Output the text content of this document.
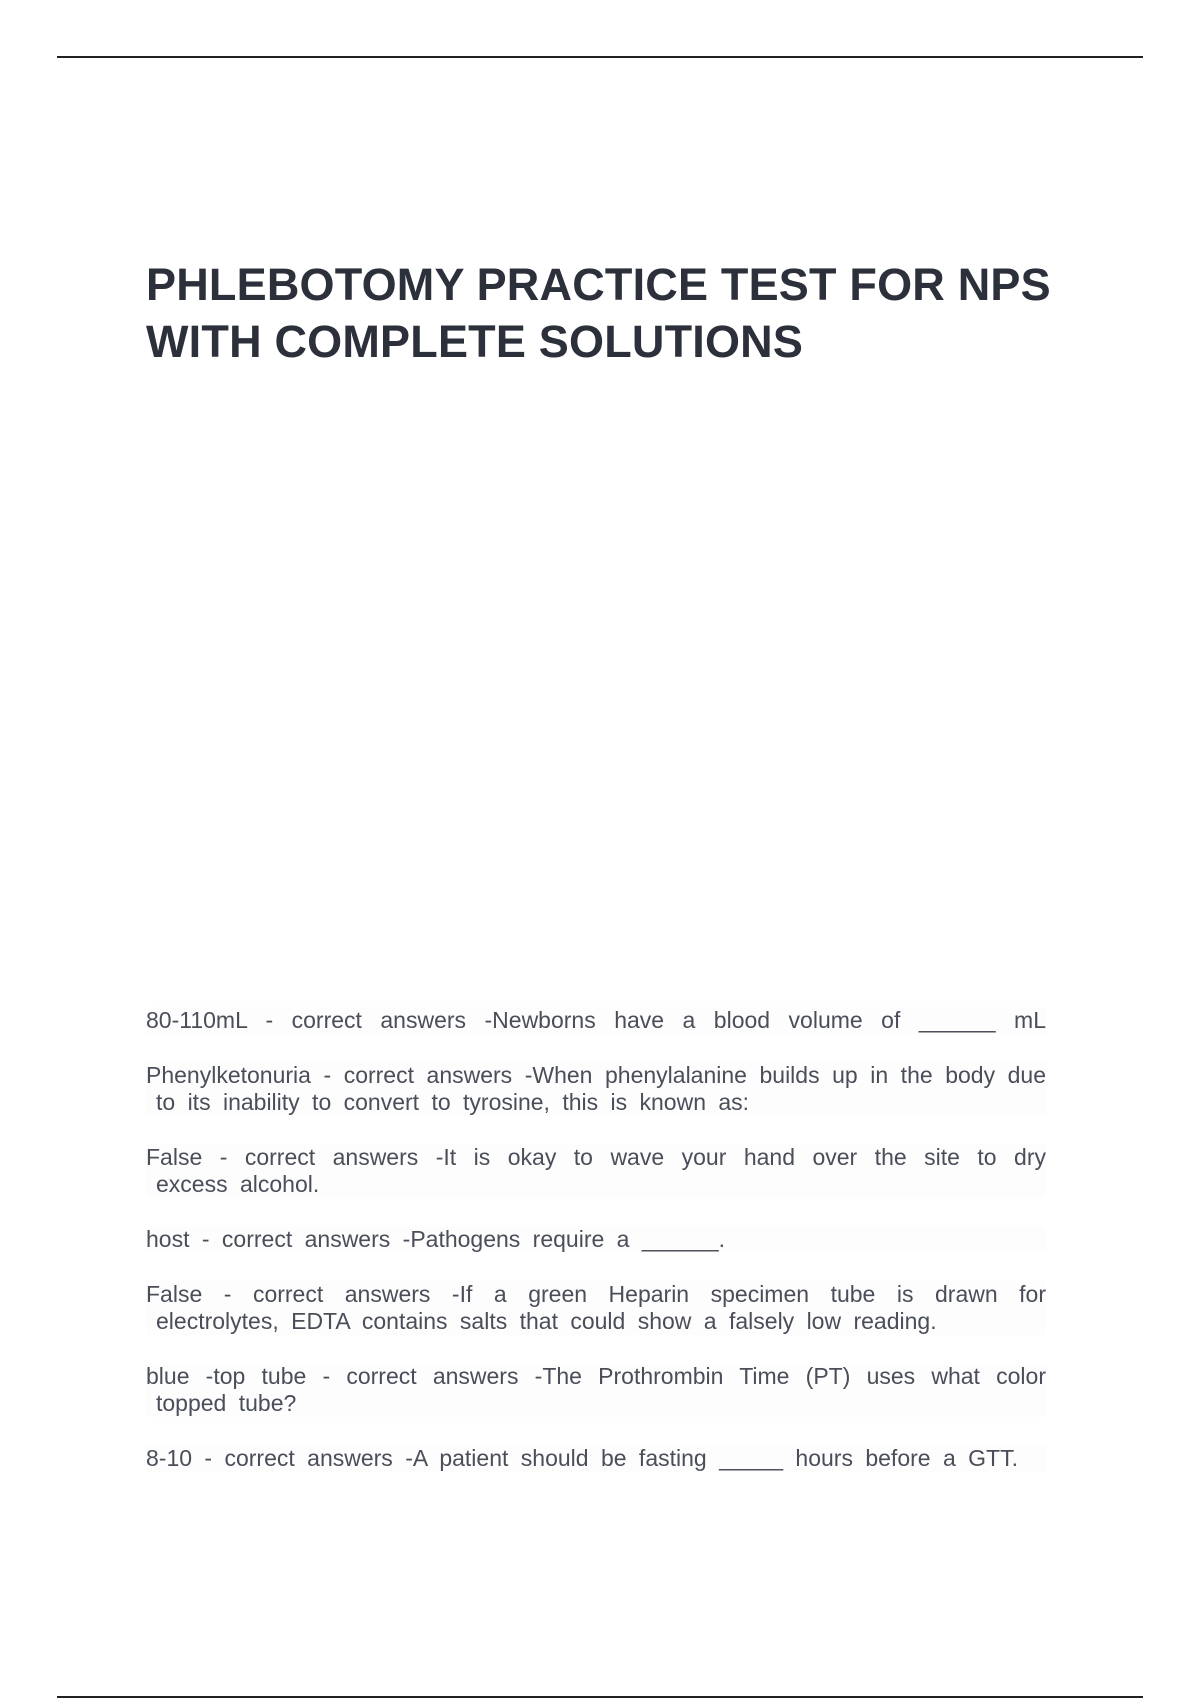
PHLEBOTOMY PRACTICE TEST FOR NPS WITH COMPLETE SOLUTIONS
80-110mL - correct answers -Newborns have a blood volume of ______ mL
Phenylketonuria - correct answers -When phenylalanine builds up in the body due to its inability to convert to tyrosine, this is known as:
False - correct answers -It is okay to wave your hand over the site to dry excess alcohol.
host - correct answers -Pathogens require a ______.
False - correct answers -If a green Heparin specimen tube is drawn for electrolytes, EDTA contains salts that could show a falsely low reading.
blue -top tube - correct answers -The Prothrombin Time (PT) uses what color topped tube?
8-10 - correct answers -A patient should be fasting _____ hours before a GTT.
